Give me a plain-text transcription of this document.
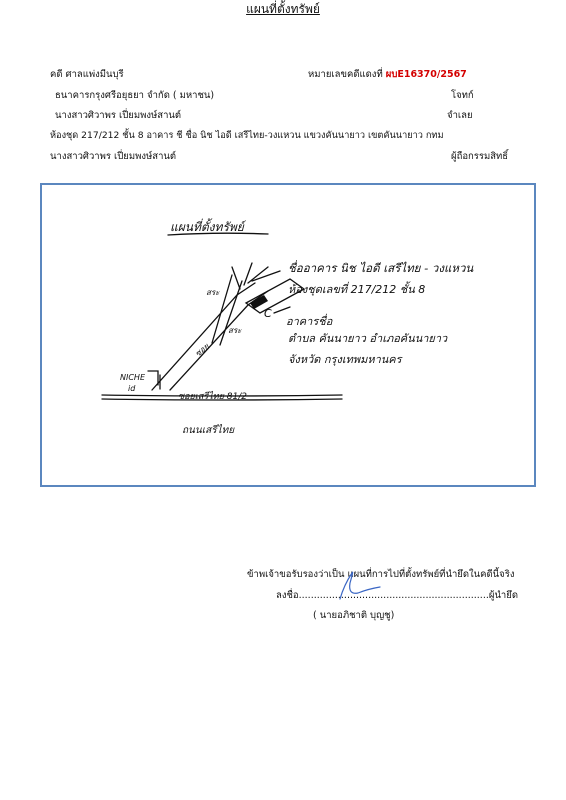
แผนที่ตั้งทรัพย์
คดี ศาลแพ่งมีนบุรี	หมายเลขคดีแดงที่ ผบE16370/2567
ธนาคารกรุงศรีอยุธยา จำกัด ( มหาชน)	โจทก์
นางสาวศิวาพร เปี่ยมพงษ์สานต์	จำเลย
ห้องชุด 217/212 ชั้น 8 อาคาร ชี ชื่อ นิช ไอดี เสรีไทย-วงแหวน แขวงคันนายาว เขตคันนายาว กทม
นางสาวศิวาพร เปี่ยมพงษ์สานต์	ผู้ถือกรรมสิทธิ์
แผนที่ตั้งทรัพย์
ชื่ออาคาร นิช ไอดี เสรีไทย - วงแหวน
ห้องชุดเลขที่ 217/212 ชั้น 8
อาคารชื่อ
ตำบล คันนายาว อำเภอคันนายาว
จังหวัด กรุงเทพมหานคร
สระ
สระ
C
ซอย
NICHE
id
ซอยเสรีไทย 81/2
ถนนเสรีไทย
ข้าพเจ้าขอรับรองว่าเป็น แผนที่การไปที่ตั้งทรัพย์ที่นำยึดในคดีนี้จริง
ลงชื่อ...............................................................ผู้นำยึด
( นายอภิชาติ บุญชู)
